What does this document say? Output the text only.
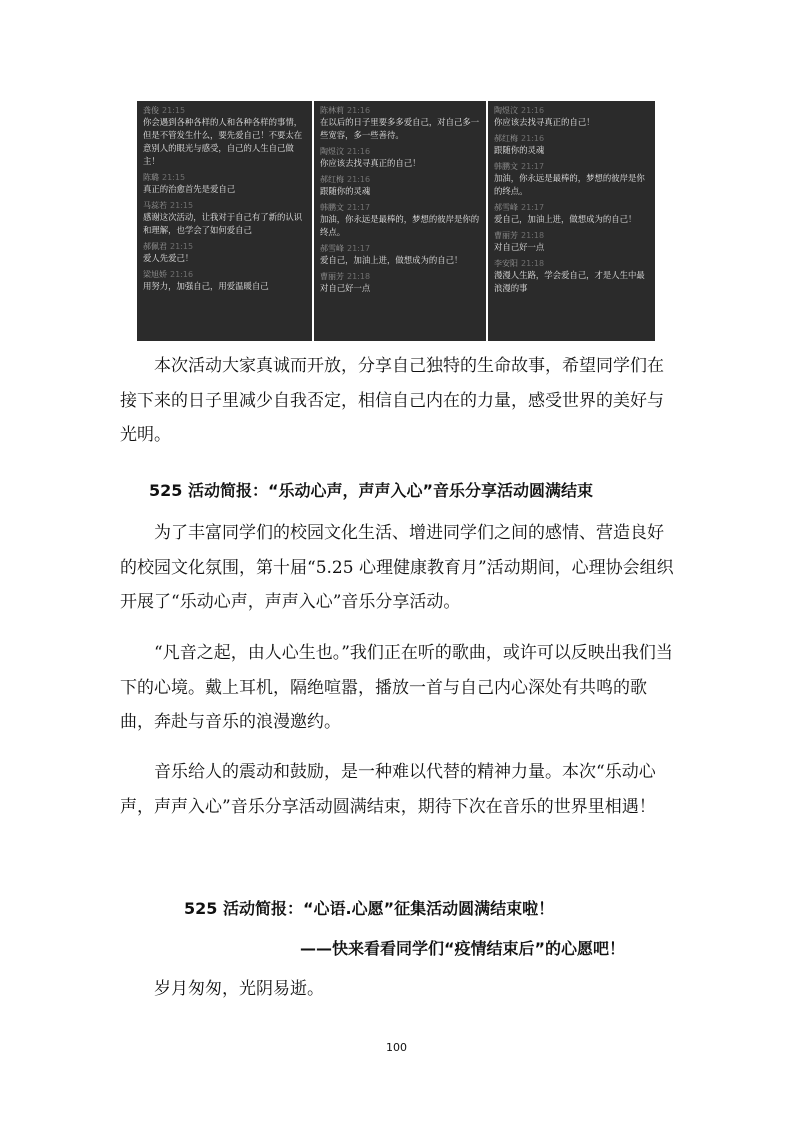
龚俊 21:15
你会遇到各种各样的人和各种各样的事情，但是不管发生什么，要先爱自己！不要太在意别人的眼光与感受，自己的人生自己做主！
陈璐 21:15
真正的治愈首先是爱自己
马蕊若 21:15
感谢这次活动，让我对于自己有了新的认识和理解，也学会了如何爱自己
郝佩君 21:15
爱人先爱己！
梁旭娇 21:16
用努力，加强自己，用爱温暖自己
陈林莉 21:16
在以后的日子里要多多爱自己，对自己多一些宽容，多一些善待。
陶煜汶 21:16
你应该去找寻真正的自己！
郝红梅 21:16
跟随你的灵魂
韩鹏文 21:17
加油，你永远是最棒的，梦想的彼岸是你的终点。
郝雪峰 21:17
爱自己，加油上进，做想成为的自己！
曹丽芳 21:18
对自己好一点
陶煜汶 21:16
你应该去找寻真正的自己！
郝红梅 21:16
跟随你的灵魂
韩鹏文 21:17
加油，你永远是最棒的，梦想的彼岸是你的终点。
郝雪峰 21:17
爱自己，加油上进，做想成为的自己！
曹丽芳 21:18
对自己好一点
李安阳 21:18
漫漫人生路，学会爱自己，才是人生中最浪漫的事

　　本次活动大家真诚而开放，分享自己独特的生命故事，希望同学们在接下来的日子里减少自我否定，相信自己内在的力量，感受世界的美好与光明。

525 活动简报：“乐动心声，声声入心”音乐分享活动圆满结束

　　为了丰富同学们的校园文化生活、增进同学们之间的感情、营造良好的校园文化氛围，第十届“5.25 心理健康教育月”活动期间，心理协会组织开展了“乐动心声，声声入心”音乐分享活动。

　　“凡音之起，由人心生也。”我们正在听的歌曲，或许可以反映出我们当下的心境。戴上耳机，隔绝喧嚣，播放一首与自己内心深处有共鸣的歌曲，奔赴与音乐的浪漫邀约。

　　音乐给人的震动和鼓励，是一种难以代替的精神力量。本次“乐动心声，声声入心”音乐分享活动圆满结束，期待下次在音乐的世界里相遇！

525 活动简报：“心语.心愿”征集活动圆满结束啦！
——快来看看同学们“疫情结束后”的心愿吧！

　　岁月匆匆，光阴易逝。

100
